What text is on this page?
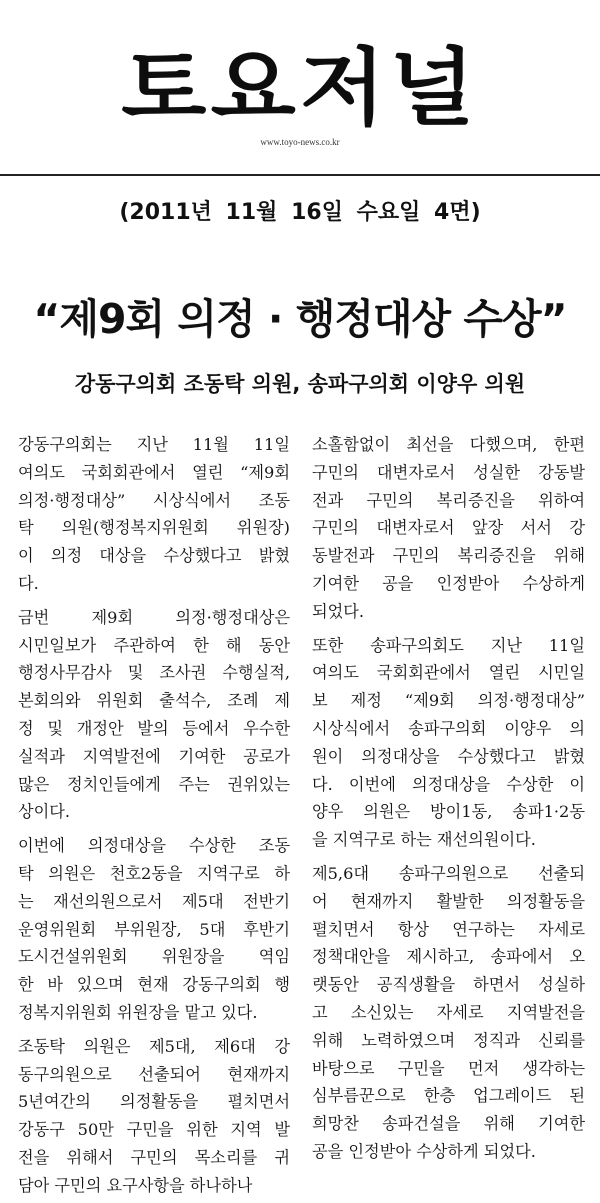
토요저널
www.toyo-news.co.kr
(2011년 11월 16일 수요일 4면)
“제9회 의정 · 행정대상 수상”
강동구의회 조동탁 의원, 송파구의회 이양우 의원
강동구의회는 지난 11월 11일
여의도 국회회관에서 열린 “제9회
의정·행정대상” 시상식에서 조동
탁 의원(행정복지위원회 위원장)
이 의정 대상을 수상했다고 밝혔
다.
금번 제9회 의정·행정대상은
시민일보가 주관하여 한 해 동안
행정사무감사 및 조사권 수행실적,
본회의와 위원회 출석수, 조례 제
정 및 개정안 발의 등에서 우수한
실적과 지역발전에 기여한 공로가
많은 정치인들에게 주는 권위있는
상이다.
이번에 의정대상을 수상한 조동
탁 의원은 천호2동을 지역구로 하
는 재선의원으로서 제5대 전반기
운영위원회 부위원장, 5대 후반기
도시건설위원회 위원장을 역임
한 바 있으며 현재 강동구의회 행
정복지위원회 위원장을 맡고 있다.
조동탁 의원은 제5대, 제6대 강
동구의원으로 선출되어 현재까지
5년여간의 의정활동을 펼치면서
강동구 50만 구민을 위한 지역 발
전을 위해서 구민의 목소리를 귀
담아 구민의 요구사항을 하나하나
소홀함없이 최선을 다했으며, 한편
구민의 대변자로서 성실한 강동발
전과 구민의 복리증진을 위하여
구민의 대변자로서 앞장 서서 강
동발전과 구민의 복리증진을 위해
기여한 공을 인정받아 수상하게
되었다.
또한 송파구의회도 지난 11일
여의도 국회회관에서 열린 시민일
보 제정 “제9회 의정·행정대상”
시상식에서 송파구의회 이양우 의
원이 의정대상을 수상했다고 밝혔
다. 이번에 의정대상을 수상한 이
양우 의원은 방이1동, 송파1·2동
을 지역구로 하는 재선의원이다.
제5,6대 송파구의원으로 선출되
어 현재까지 활발한 의정활동을
펼치면서 항상 연구하는 자세로
정책대안을 제시하고, 송파에서 오
랫동안 공직생활을 하면서 성실하
고 소신있는 자세로 지역발전을
위해 노력하였으며 정직과 신뢰를
바탕으로 구민을 먼저 생각하는
심부름꾼으로 한층 업그레이드 된
희망찬 송파건설을 위해 기여한
공을 인정받아 수상하게 되었다.
